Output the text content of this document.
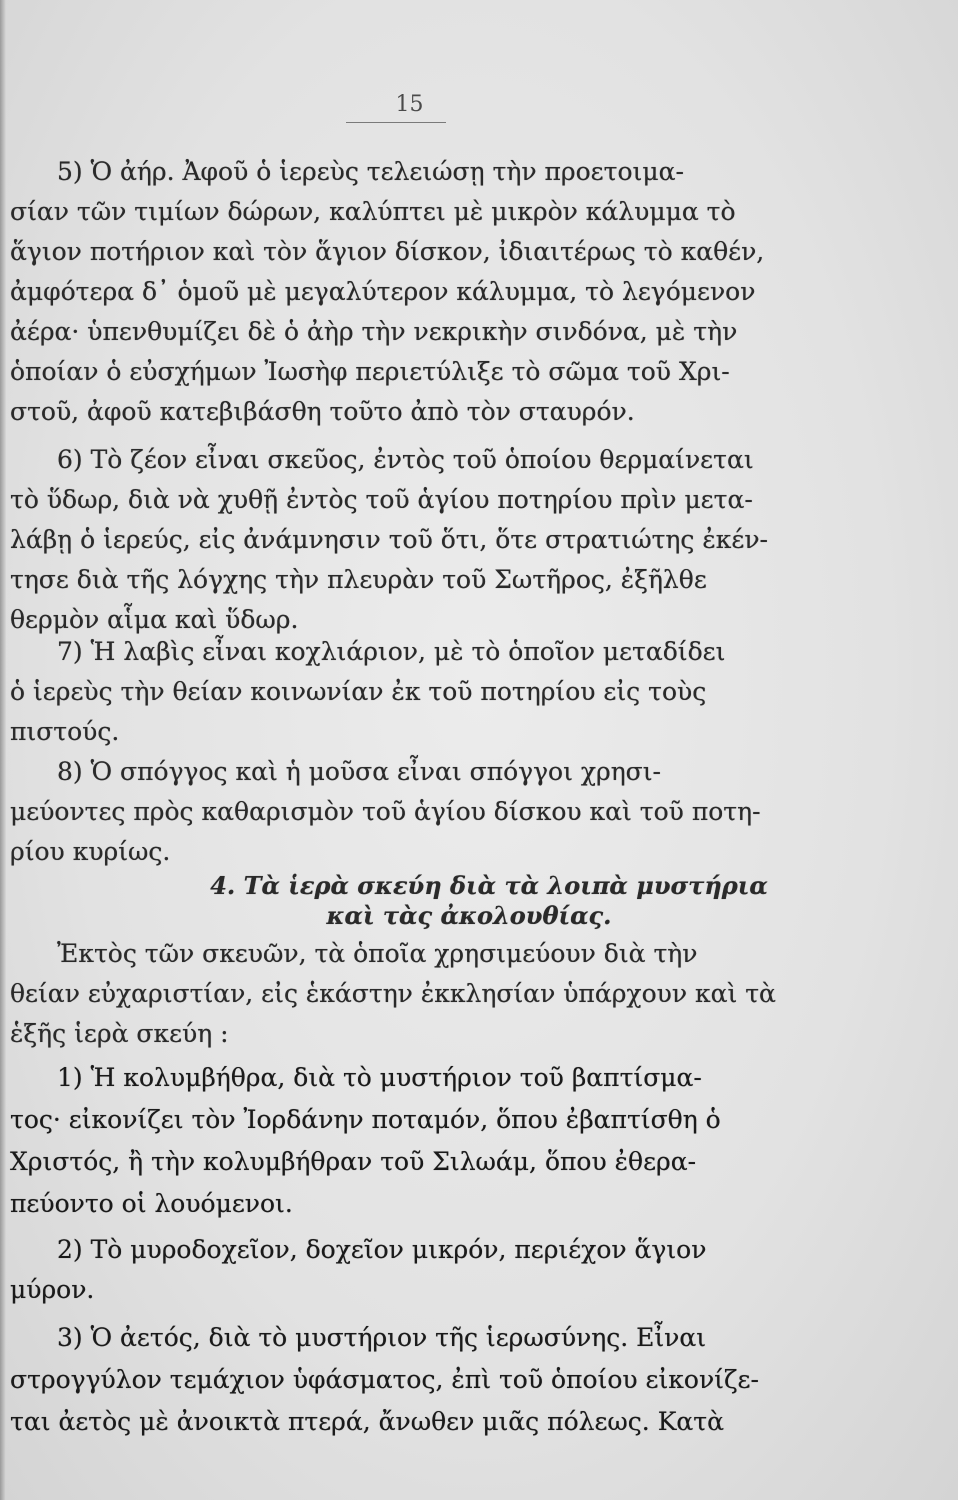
15
5) Ὁ ἀήρ. Ἀφοῦ ὁ ἱερεὺς τελειώσῃ τὴν προετοιμα-
σίαν τῶν τιμίων δώρων, καλύπτει μὲ μικρὸν κάλυμμα τὸ
ἅγιον ποτήριον καὶ τὸν ἅγιον δίσκον, ἰδιαιτέρως τὸ καθέν,
ἀμφότερα δ᾽ ὁμοῦ μὲ μεγαλύτερον κάλυμμα, τὸ λεγόμενον
ἀέρα· ὑπενθυμίζει δὲ ὁ ἀὴρ τὴν νεκρικὴν σινδόνα, μὲ τὴν
ὁποίαν ὁ εὐσχήμων Ἰωσὴφ περιετύλιξε τὸ σῶμα τοῦ Χρι-
στοῦ, ἀφοῦ κατεβιβάσθη τοῦτο ἀπὸ τὸν σταυρόν.
6) Τὸ ζέον εἶναι σκεῦος, ἐντὸς τοῦ ὁποίου θερμαίνεται
τὸ ὕδωρ, διὰ νὰ χυθῇ ἐντὸς τοῦ ἁγίου ποτηρίου πρὶν μετα-
λάβῃ ὁ ἱερεύς, εἰς ἀνάμνησιν τοῦ ὅτι, ὅτε στρατιώτης ἐκέν-
τησε διὰ τῆς λόγχης τὴν πλευρὰν τοῦ Σωτῆρος, ἐξῆλθε
θερμὸν αἷμα καὶ ὕδωρ.
7) Ἡ λαβὶς εἶναι κοχλιάριον, μὲ τὸ ὁποῖον μεταδίδει
ὁ ἱερεὺς τὴν θείαν κοινωνίαν ἐκ τοῦ ποτηρίου εἰς τοὺς
πιστούς.
8) Ὁ σπόγγος καὶ ἡ μοῦσα εἶναι σπόγγοι χρησι-
μεύοντες πρὸς καθαρισμὸν τοῦ ἁγίου δίσκου καὶ τοῦ ποτη-
ρίου κυρίως.
4. Τὰ ἱερὰ σκεύη διὰ τὰ λοιπὰ μυστήρια
καὶ τὰς ἀκολουθίας.
Ἐκτὸς τῶν σκευῶν, τὰ ὁποῖα χρησιμεύουν διὰ τὴν
θείαν εὐχαριστίαν, εἰς ἑκάστην ἐκκλησίαν ὑπάρχουν καὶ τὰ
ἑξῆς ἱερὰ σκεύη :
1) Ἡ κολυμβήθρα, διὰ τὸ μυστήριον τοῦ βαπτίσμα-
τος· εἰκονίζει τὸν Ἰορδάνην ποταμόν, ὅπου ἐβαπτίσθη ὁ
Χριστός, ἢ τὴν κολυμβήθραν τοῦ Σιλωάμ, ὅπου ἐθερα-
πεύοντο οἱ λουόμενοι.
2) Τὸ μυροδοχεῖον, δοχεῖον μικρόν, περιέχον ἅγιον
μύρον.
3) Ὁ ἀετός, διὰ τὸ μυστήριον τῆς ἱερωσύνης. Εἶναι
στρογγύλον τεμάχιον ὑφάσματος, ἐπὶ τοῦ ὁποίου εἰκονίζε-
ται ἀετὸς μὲ ἀνοικτὰ πτερά, ἄνωθεν μιᾶς πόλεως. Κατὰ
